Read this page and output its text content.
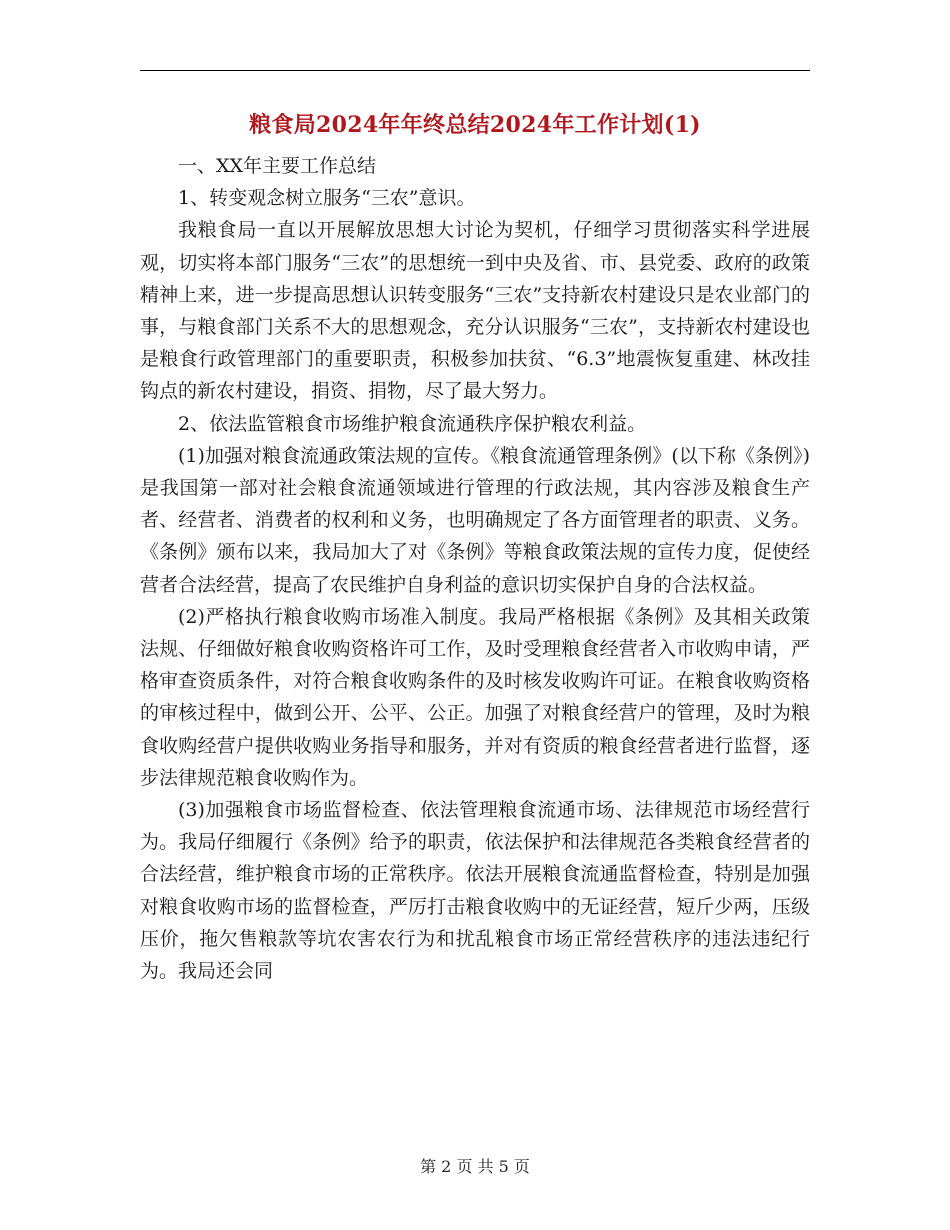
粮食局2024年年终总结2024年工作计划(1)

一、XX年主要工作总结

1、转变观念树立服务“三农”意识。

我粮食局一直以开展解放思想大讨论为契机，仔细学习贯彻落实科学进展观，切实将本部门服务“三农”的思想统一到中央及省、市、县党委、政府的政策精神上来，进一步提高思想认识转变服务“三农”支持新农村建设只是农业部门的事，与粮食部门关系不大的思想观念，充分认识服务“三农”，支持新农村建设也是粮食行政管理部门的重要职责，积极参加扶贫、“6.3”地震恢复重建、林改挂钩点的新农村建设，捐资、捐物，尽了最大努力。

2、依法监管粮食市场维护粮食流通秩序保护粮农利益。

(1)加强对粮食流通政策法规的宣传。《粮食流通管理条例》(以下称《条例》)是我国第一部对社会粮食流通领域进行管理的行政法规，其内容涉及粮食生产者、经营者、消费者的权利和义务，也明确规定了各方面管理者的职责、义务。《条例》颁布以来，我局加大了对《条例》等粮食政策法规的宣传力度，促使经营者合法经营，提高了农民维护自身利益的意识切实保护自身的合法权益。

(2)严格执行粮食收购市场准入制度。我局严格根据《条例》及其相关政策法规、仔细做好粮食收购资格许可工作，及时受理粮食经营者入市收购申请，严格审查资质条件，对符合粮食收购条件的及时核发收购许可证。在粮食收购资格的审核过程中，做到公开、公平、公正。加强了对粮食经营户的管理，及时为粮食收购经营户提供收购业务指导和服务，并对有资质的粮食经营者进行监督，逐步法律规范粮食收购作为。

(3)加强粮食市场监督检查、依法管理粮食流通市场、法律规范市场经营行为。我局仔细履行《条例》给予的职责，依法保护和法律规范各类粮食经营者的合法经营，维护粮食市场的正常秩序。依法开展粮食流通监督检查，特别是加强对粮食收购市场的监督检查，严厉打击粮食收购中的无证经营，短斤少两，压级压价，拖欠售粮款等坑农害农行为和扰乱粮食市场正常经营秩序的违法违纪行为。我局还会同

第 2 页 共 5 页
